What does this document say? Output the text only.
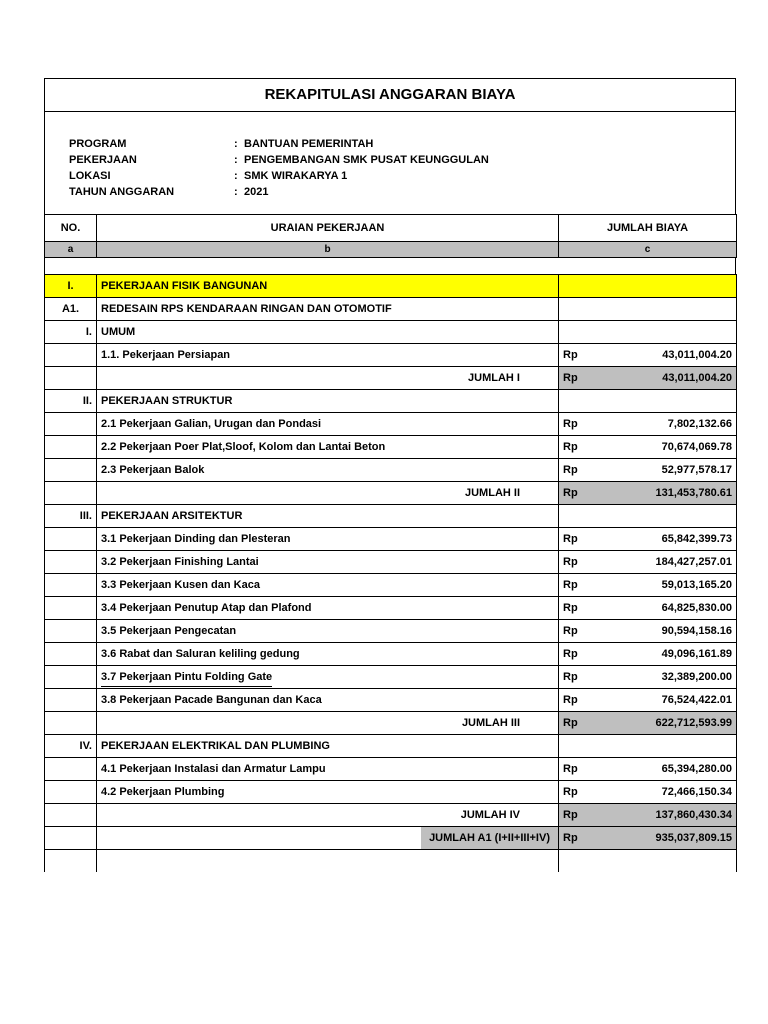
REKAPITULASI ANGGARAN BIAYA
PROGRAM	: BANTUAN PEMERINTAH
PEKERJAAN	: PENGEMBANGAN SMK PUSAT KEUNGGULAN
LOKASI	: SMK WIRAKARYA 1
TAHUN ANGGARAN	: 2021
NO.	URAIAN PEKERJAAN	JUMLAH BIAYA
a	b	c
I.	PEKERJAAN FISIK BANGUNAN	
A1.	REDESAIN RPS KENDARAAN RINGAN DAN OTOMOTIF	
I.	UMUM	
	1.1. Pekerjaan Persiapan	Rp 43,011,004.20

	JUMLAH I	Rp 43,011,004.20

II.	PEKERJAAN STRUKTUR	
	2.1 Pekerjaan Galian, Urugan dan Pondasi	Rp 7,802,132.66

	2.2 Pekerjaan Poer Plat,Sloof, Kolom dan Lantai Beton	Rp 70,674,069.78

	2.3 Pekerjaan Balok	Rp 52,977,578.17

	JUMLAH II	Rp 131,453,780.61

III.	PEKERJAAN ARSITEKTUR	
	3.1 Pekerjaan Dinding dan Plesteran	Rp 65,842,399.73

	3.2 Pekerjaan Finishing Lantai	Rp 184,427,257.01

	3.3 Pekerjaan Kusen dan Kaca	Rp 59,013,165.20

	3.4 Pekerjaan Penutup Atap dan Plafond	Rp 64,825,830.00

	3.5 Pekerjaan Pengecatan	Rp 90,594,158.16

	3.6 Rabat dan Saluran keliling gedung	Rp 49,096,161.89

	3.7 Pekerjaan Pintu Folding Gate	Rp 32,389,200.00

	3.8 Pekerjaan Pacade Bangunan dan Kaca	Rp 76,524,422.01

	JUMLAH III	Rp 622,712,593.99

IV.	PEKERJAAN ELEKTRIKAL DAN PLUMBING	
	4.1 Pekerjaan Instalasi dan Armatur Lampu	Rp 65,394,280.00

	4.2 Pekerjaan Plumbing	Rp 72,466,150.34

	JUMLAH IV	Rp 137,860,430.34

	JUMLAH A1 (I+II+III+IV)	Rp 935,037,809.15
